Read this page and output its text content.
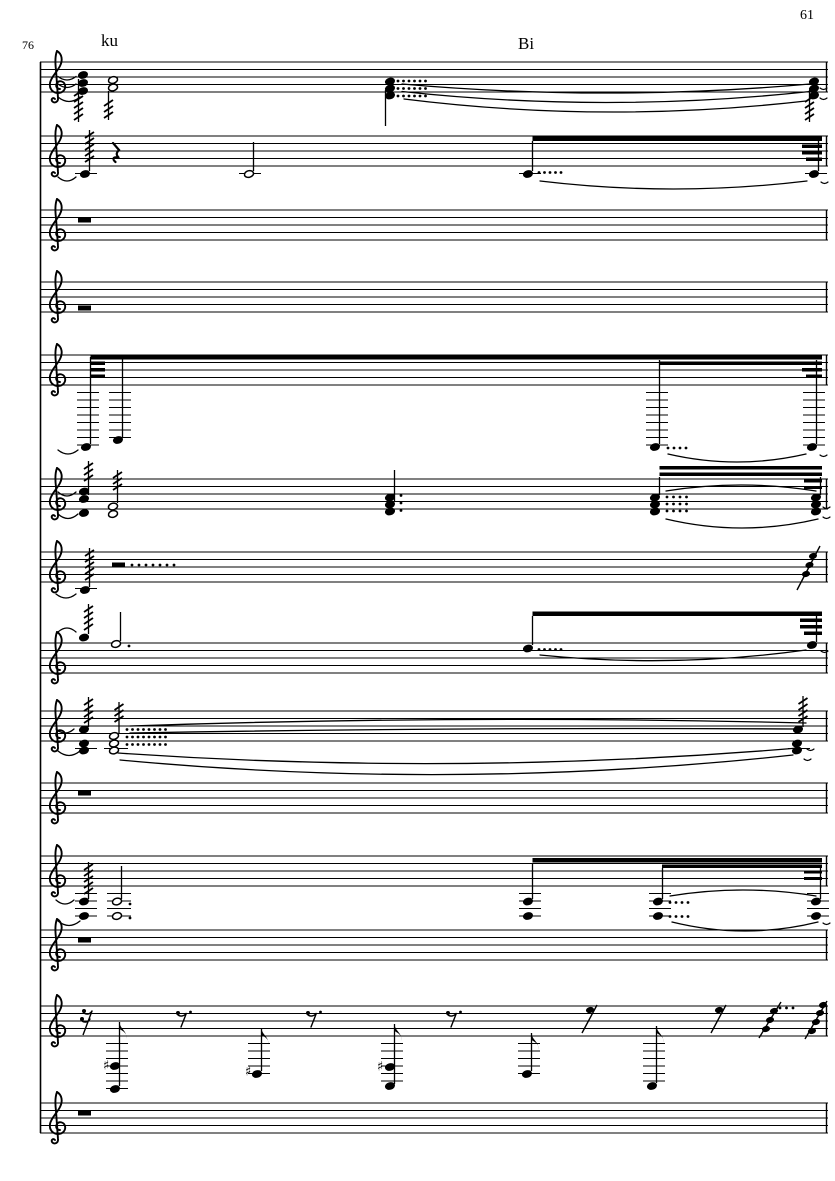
61
76	ku	Bi
♯	♯	♯
